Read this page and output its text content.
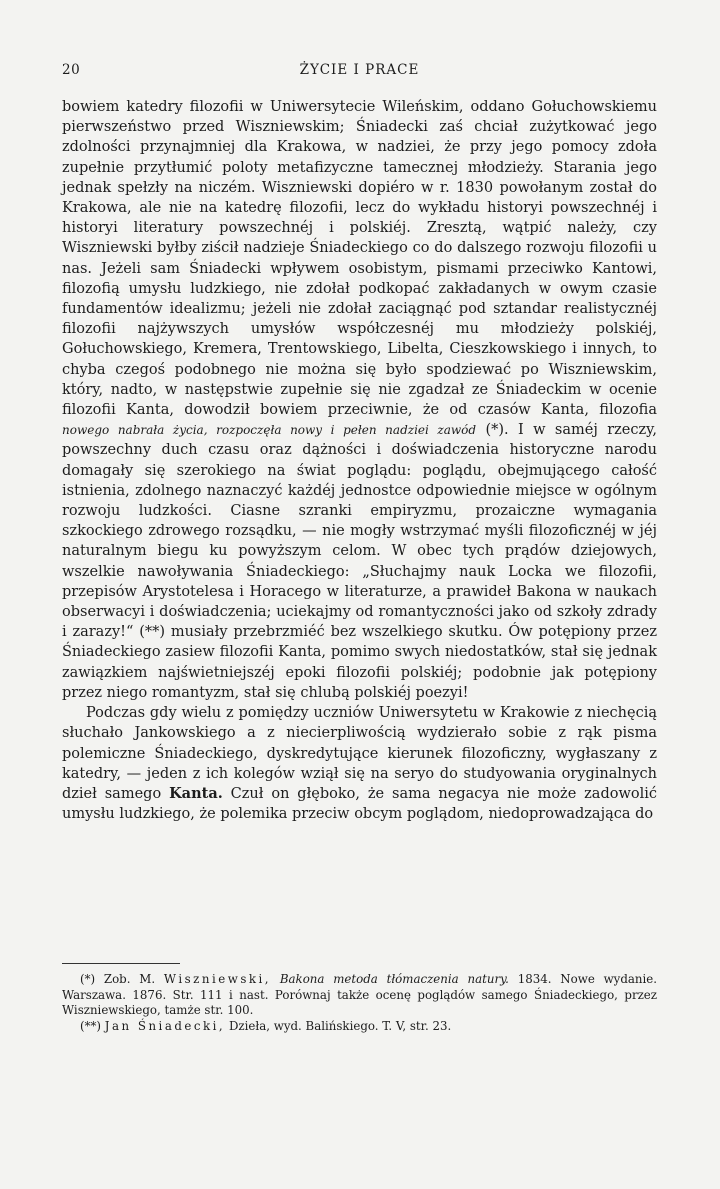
20	ŻYCIE I PRACE

bowiem katedry filozofii w Uniwersytecie Wileńskim, oddano Gołuchowskiemu pierwszeństwo przed Wiszniewskim; Śniadecki zaś chciał zużytkować jego zdolności przynajmniej dla Krakowa, w nadziei, że przy jego pomocy zdoła zupełnie przytłumić poloty metafizyczne tamecznej młodzieży. Starania jego jednak spełzły na niczém. Wiszniewski dopiéro w r. 1830 powołanym został do Krakowa, ale nie na katedrę filozofii, lecz do wykładu historyi powszechnéj i historyi literatury powszechnéj i polskiéj. Zresztą, wątpić należy, czy Wiszniewski byłby ziścił nadzieje Śniadeckiego co do dalszego rozwoju filozofii u nas. Jeżeli sam Śniadecki wpływem osobistym, pismami przeciwko Kantowi, filozofią umysłu ludzkiego, nie zdołał podkopać zakładanych w owym czasie fundamentów idealizmu; jeżeli nie zdołał zaciągnąć pod sztandar realistycznéj filozofii najżywszych umysłów współczesnéj mu młodzieży polskiéj, Gołuchowskiego, Kremera, Trentowskiego, Libelta, Cieszkowskiego i innych, to chyba czegoś podobnego nie można się było spodziewać po Wiszniewskim, który, nadto, w następstwie zupełnie się nie zgadzał ze Śniadeckim w ocenie filozofii Kanta, dowodził bowiem przeciwnie, że od czasów Kanta, filozofia nowego nabrała życia, rozpoczęła nowy i pełen nadziei zawód (*). I w saméj rzeczy, powszechny duch czasu oraz dążności i doświadczenia historyczne narodu domagały się szerokiego na świat poglądu: poglądu, obejmującego całość istnienia, zdolnego naznaczyć każdéj jednostce odpowiednie miejsce w ogólnym rozwoju ludzkości. Ciasne szranki empiryzmu, prozaiczne wymagania szkockiego zdrowego rozsądku, — nie mogły wstrzymać myśli filozoficznéj w jéj naturalnym biegu ku powyższym celom. W obec tych prądów dziejowych, wszelkie nawoływania Śniadeckiego: „Słuchajmy nauk Locka we filozofii, przepisów Arystotelesa i Horacego w literaturze, a prawideł Bakona w naukach obserwacyi i doświadczenia; uciekajmy od romantyczności jako od szkoły zdrady i zarazy!“ (**) musiały przebrzmiéć bez wszelkiego skutku. Ów potępiony przez Śniadeckiego zasiew filozofii Kanta, pomimo swych niedostatków, stał się jednak zawiązkiem najświetniejszéj epoki filozofii polskiéj; podobnie jak potępiony przez niego romantyzm, stał się chlubą polskiéj poezyi!

Podczas gdy wielu z pomiędzy uczniów Uniwersytetu w Krakowie z niechęcią słuchało Jankowskiego a z niecierpliwością wydzierało sobie z rąk pisma polemiczne Śniadeckiego, dyskredytujące kierunek filozoficzny, wygłaszany z katedry, — jeden z ich kolegów wziął się na seryo do studyowania oryginalnych dzieł samego Kanta. Czuł on głęboko, że sama negacya nie może zadowolić umysłu ludzkiego, że polemika przeciw obcym poglądom, niedoprowadzająca do

(*) Zob. M. Wiszniewski, Bakona metoda tłómaczenia natury. 1834. Nowe wydanie. Warszawa. 1876. Str. 111 i nast. Porównaj także ocenę poglądów samego Śniadeckiego, przez Wiszniewskiego, tamże str. 100.

(**) Jan Śniadecki, Dzieła, wyd. Balińskiego. T. V, str. 23.
